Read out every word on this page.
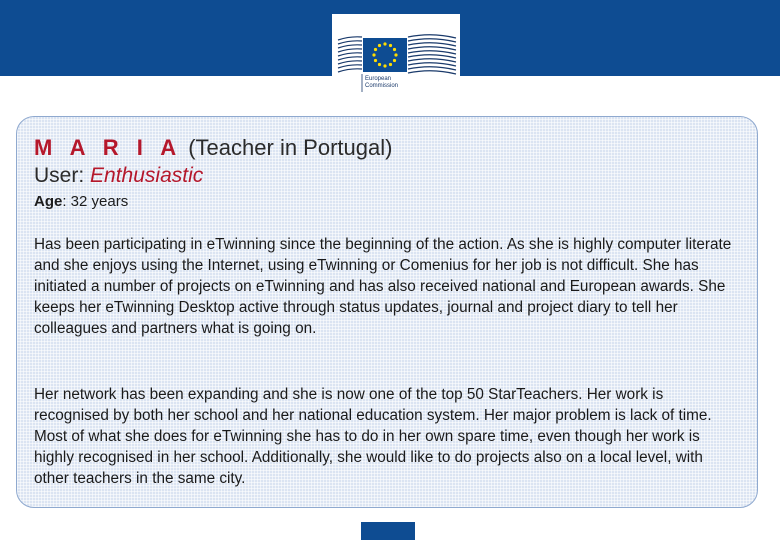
European
Commission
M A R I A (Teacher in Portugal)
User: Enthusiastic
Age: 32 years

Has been participating in eTwinning since the beginning of the action. As she is highly computer literate and she enjoys using the Internet, using eTwinning or Comenius for her job is not difficult. She has initiated a number of projects on eTwinning and has also received national and European awards. She keeps her eTwinning Desktop active through status updates, journal and project diary to tell her colleagues and partners what is going on.

Her network has been expanding and she is now one of the top 50 StarTeachers. Her work is recognised by both her school and her national education system. Her major problem is lack of time. Most of what she does for eTwinning she has to do in her own spare time, even though her work is highly recognised in her school. Additionally, she would like to do projects also on a local level, with other teachers in the same city.
